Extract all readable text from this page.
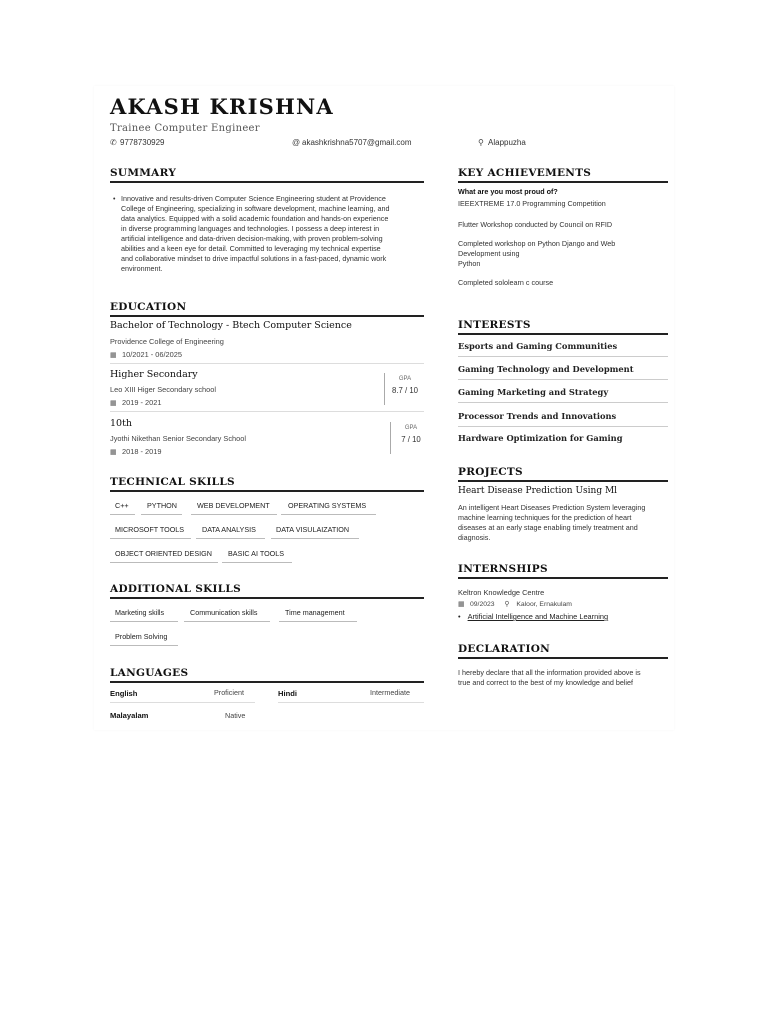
AKASH KRISHNA
Trainee Computer Engineer
✆ 9778730929	@ akashkrishna5707@gmail.com	⚲ Alappuzha
SUMMARY
• Innovative and results-driven Computer Science Engineering student at Providence
College of Engineering, specializing in software development, machine learning, and
data analytics. Equipped with a solid academic foundation and hands-on experience
in diverse programming languages and technologies. I possess a deep interest in
artificial intelligence and data-driven decision-making, with proven problem-solving
abilities and a keen eye for detail. Committed to leveraging my technical expertise
and collaborative mindset to drive impactful solutions in a fast-paced, dynamic work
environment.
EDUCATION
Bachelor of Technology - Btech Computer Science
Providence College of Engineering
▦ 10/2021 - 06/2025
Higher Secondary
Leo XIII Higer Secondary school
▦ 2019 - 2021
GPA
8.7 / 10
10th
Jyothi Nikethan Senior Secondary School
▦ 2018 - 2019
GPA
7 / 10
TECHNICAL SKILLS
C++	PYTHON	WEB DEVELOPMENT	OPERATING SYSTEMS
MICROSOFT TOOLS	DATA ANALYSIS	DATA VISULAIZATION
OBJECT ORIENTED DESIGN	BASIC AI TOOLS
ADDITIONAL SKILLS
Marketing skills	Communication skills	Time management
Problem Solving
LANGUAGES
English	Proficient	Hindi	Intermediate
Malayalam	Native
KEY ACHIEVEMENTS
What are you most proud of?
IEEEXTREME 17.0 Programming Competition
Flutter Workshop conducted by Council on RFID
Completed workshop on Python Django and Web
Development using
Python
Completed sololearn c course
INTERESTS
Esports and Gaming Communities
Gaming Technology and Development
Gaming Marketing and Strategy
Processor Trends and Innovations
Hardware Optimization for Gaming
PROJECTS
Heart Disease Prediction Using Ml
An intelligent Heart Diseases Prediction System leveraging
machine learning techniques for the prediction of heart
diseases at an early stage enabling timely treatment and
diagnosis.
INTERNSHIPS
Keltron Knowledge Centre
▦ 09/2023 ⚲ Kaloor, Ernakulam
• Artificial Intelligence and Machine Learning
DECLARATION
I hereby declare that all the information provided above is
true and correct to the best of my knowledge and belief
